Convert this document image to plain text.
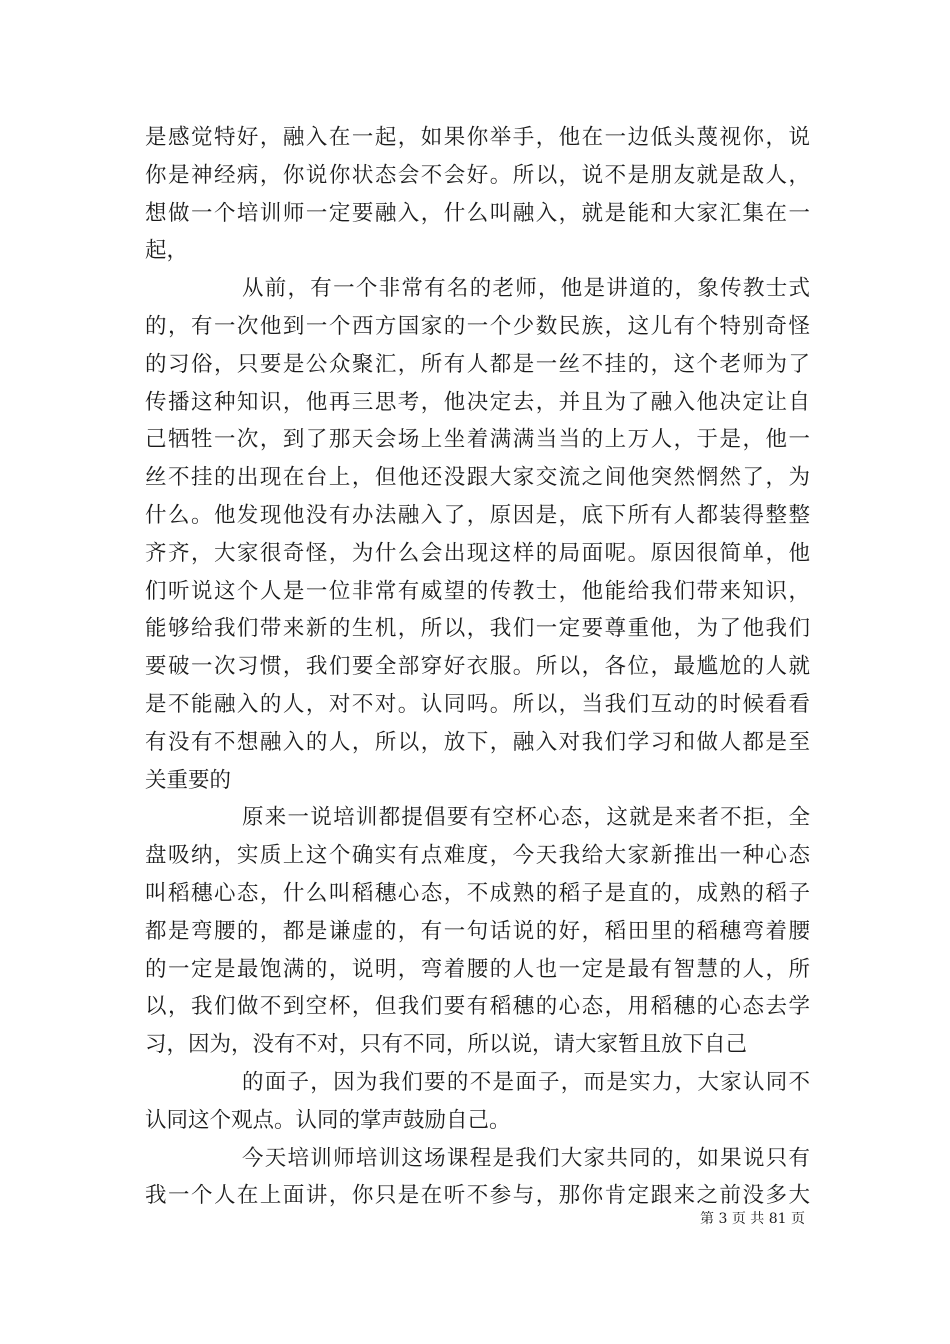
是感觉特好，融入在一起，如果你举手，他在一边低头蔑视你，说
你是神经病，你说你状态会不会好。所以，说不是朋友就是敌人，
想做一个培训师一定要融入，什么叫融入，就是能和大家汇集在一
起，
从前，有一个非常有名的老师，他是讲道的，象传教士式
的，有一次他到一个西方国家的一个少数民族，这儿有个特别奇怪
的习俗，只要是公众聚汇，所有人都是一丝不挂的，这个老师为了
传播这种知识，他再三思考，他决定去，并且为了融入他决定让自
己牺牲一次，到了那天会场上坐着满满当当的上万人，于是，他一
丝不挂的出现在台上，但他还没跟大家交流之间他突然惘然了，为
什么。他发现他没有办法融入了，原因是，底下所有人都装得整整
齐齐，大家很奇怪，为什么会出现这样的局面呢。原因很简单，他
们听说这个人是一位非常有威望的传教士，他能给我们带来知识，
能够给我们带来新的生机，所以，我们一定要尊重他，为了他我们
要破一次习惯，我们要全部穿好衣服。所以，各位，最尴尬的人就
是不能融入的人，对不对。认同吗。所以，当我们互动的时候看看
有没有不想融入的人，所以，放下，融入对我们学习和做人都是至
关重要的
原来一说培训都提倡要有空杯心态，这就是来者不拒，全
盘吸纳，实质上这个确实有点难度，今天我给大家新推出一种心态
叫稻穗心态，什么叫稻穗心态，不成熟的稻子是直的，成熟的稻子
都是弯腰的，都是谦虚的，有一句话说的好，稻田里的稻穗弯着腰
的一定是最饱满的，说明，弯着腰的人也一定是最有智慧的人，所
以，我们做不到空杯，但我们要有稻穗的心态，用稻穗的心态去学
习，因为，没有不对，只有不同，所以说，请大家暂且放下自己
的面子，因为我们要的不是面子，而是实力，大家认同不
认同这个观点。认同的掌声鼓励自己。
今天培训师培训这场课程是我们大家共同的，如果说只有
我一个人在上面讲，你只是在听不参与，那你肯定跟来之前没多大
第 3 页 共 81 页
